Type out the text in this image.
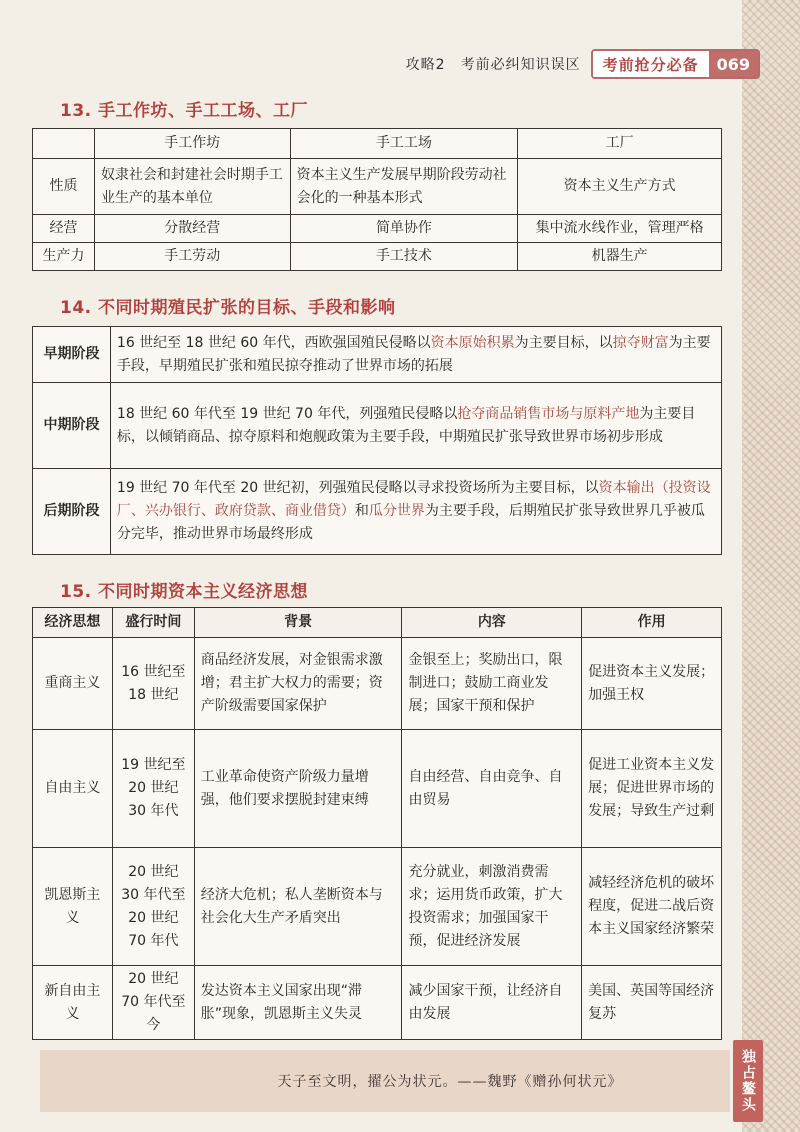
攻略2　考前必纠知识误区	考前抢分必备	069
13. 手工作坊、手工工场、工厂
	手工作坊	手工工场	工厂
性质	奴隶社会和封建社会时期手工业生产的基本单位	资本主义生产发展早期阶段劳动社会化的一种基本形式	资本主义生产方式
经营	分散经营	简单协作	集中流水线作业，管理严格
生产力	手工劳动	手工技术	机器生产
14. 不同时期殖民扩张的目标、手段和影响
早期阶段	16 世纪至 18 世纪 60 年代，西欧强国殖民侵略以资本原始积累为主要目标，以掠夺财富为主要手段，早期殖民扩张和殖民掠夺推动了世界市场的拓展
中期阶段	18 世纪 60 年代至 19 世纪 70 年代，列强殖民侵略以抢夺商品销售市场与原料产地为主要目标，以倾销商品、掠夺原料和炮舰政策为主要手段，中期殖民扩张导致世界市场初步形成
后期阶段	19 世纪 70 年代至 20 世纪初，列强殖民侵略以寻求投资场所为主要目标，以资本输出（投资设厂、兴办银行、政府贷款、商业借贷）和瓜分世界为主要手段，后期殖民扩张导致世界几乎被瓜分完毕，推动世界市场最终形成
15. 不同时期资本主义经济思想
经济思想	盛行时间	背景	内容	作用
重商主义	16 世纪至 18 世纪	商品经济发展，对金银需求激增；君主扩大权力的需要；资产阶级需要国家保护	金银至上；奖励出口，限制进口；鼓励工商业发展；国家干预和保护	促进资本主义发展；加强王权
自由主义	19 世纪至 20 世纪 30 年代	工业革命使资产阶级力量增强，他们要求摆脱封建束缚	自由经营、自由竞争、自由贸易	促进工业资本主义发展；促进世界市场的发展；导致生产过剩
凯恩斯主义	20 世纪 30 年代至 20 世纪 70 年代	经济大危机；私人垄断资本与社会化大生产矛盾突出	充分就业，刺激消费需求；运用货币政策，扩大投资需求；加强国家干预，促进经济发展	减轻经济危机的破坏程度，促进二战后资本主义国家经济繁荣
新自由主义	20 世纪 70 年代至今	发达资本主义国家出现“滞胀”现象，凯恩斯主义失灵	减少国家干预，让经济自由发展	美国、英国等国经济复苏
天子至文明，擢公为状元。——魏野《赠孙何状元》	独占鳌头
